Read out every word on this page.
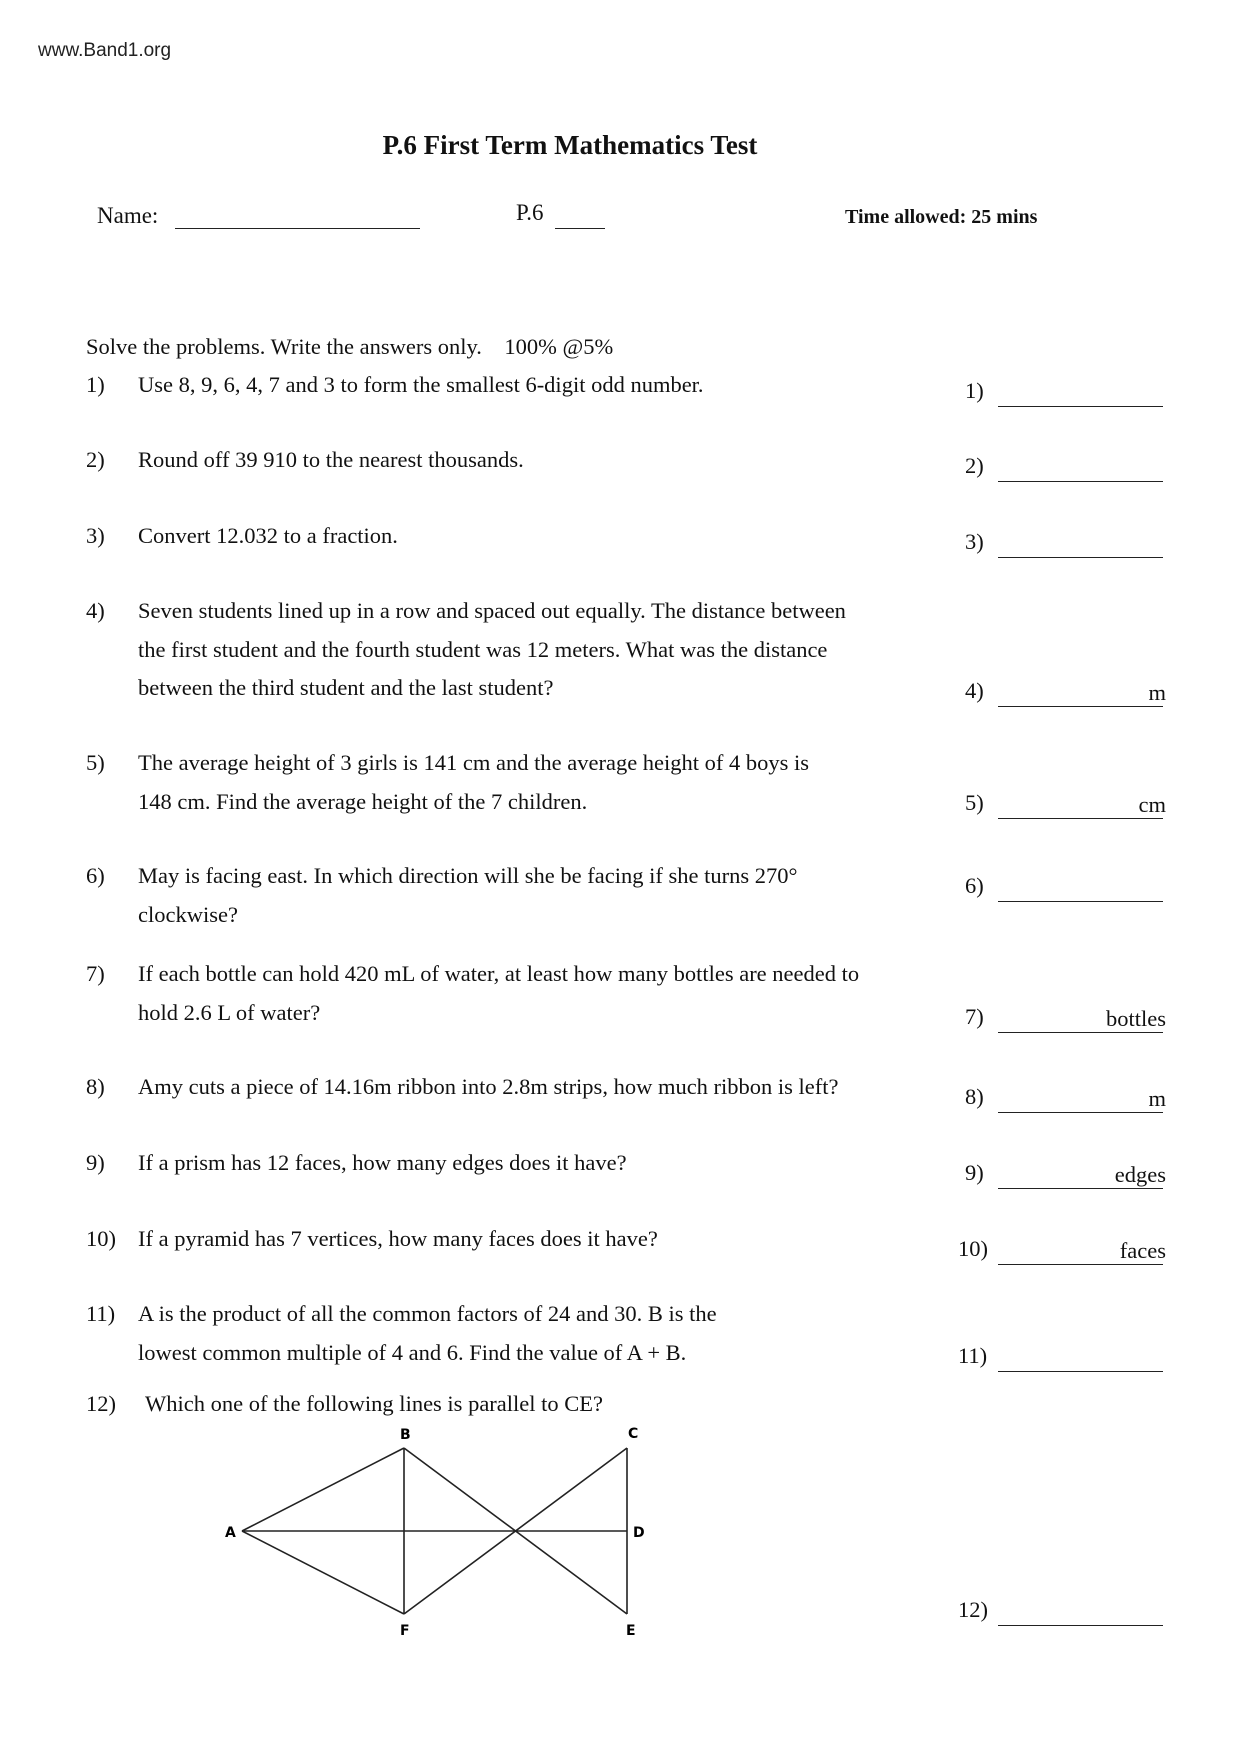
www.Band1.org
P.6 First Term Mathematics Test
Name:	P.6	Time allowed: 25 mins
Solve the problems. Write the answers only.    100% @5%
1) Use 8, 9, 6, 4, 7 and 3 to form the smallest 6-digit odd number.	1)
2) Round off 39 910 to the nearest thousands.	2)
3) Convert 12.032 to a fraction.	3)
4) Seven students lined up in a row and spaced out equally. The distance between
the first student and the fourth student was 12 meters. What was the distance
between the third student and the last student?	4)	m
5) The average height of 3 girls is 141 cm and the average height of 4 boys is
148 cm. Find the average height of the 7 children.	5)	cm
6) May is facing east. In which direction will she be facing if she turns 270°
clockwise?
6)
7) If each bottle can hold 420 mL of water, at least how many bottles are needed to
hold 2.6 L of water?	7)	bottles
8) Amy cuts a piece of 14.16m ribbon into 2.8m strips, how much ribbon is left?	8)	m
9) If a prism has 12 faces, how many edges does it have?	9)	edges
10) If a pyramid has 7 vertices, how many faces does it have?	10)	faces
11) A is the product of all the common factors of 24 and 30. B is the
lowest common multiple of 4 and 6. Find the value of A + B.	11)
12) Which one of the following lines is parallel to CE?
12)
A
B	C
D
E
F
